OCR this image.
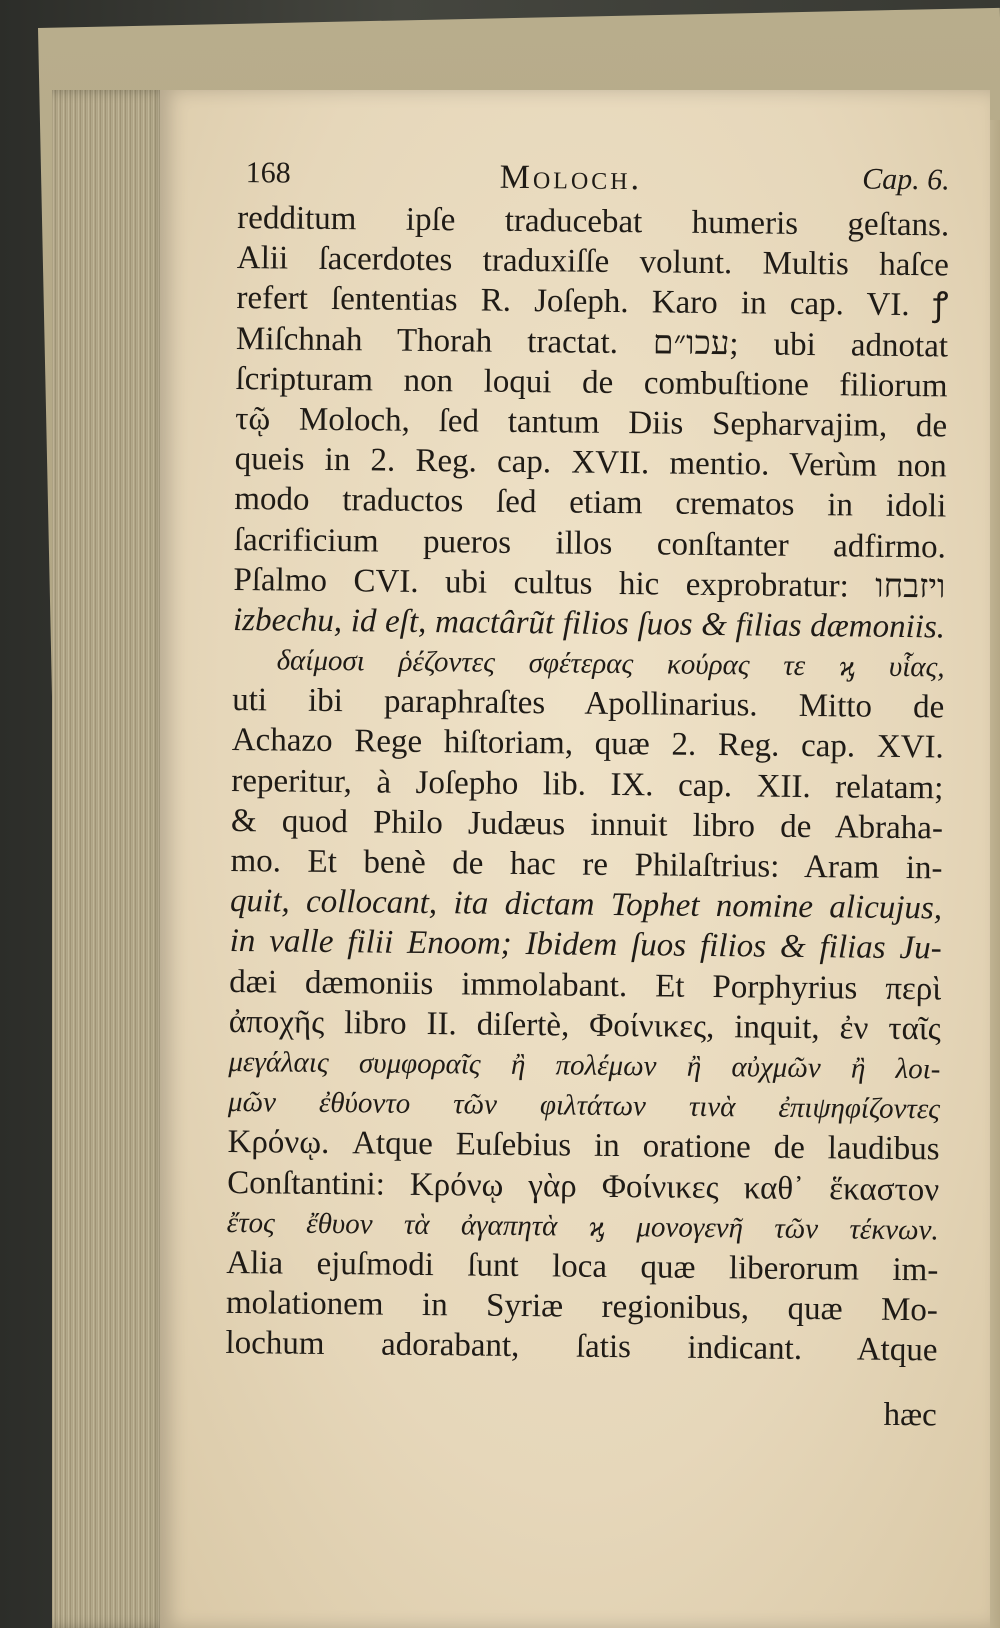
168	Moloch.	Cap. 6.
redditum ipſe traducebat humeris geſtans.
Alii ſacerdotes traduxiſſe volunt. Multis haſce
refert ſententias R. Joſeph. Karo in cap. VI. ꝭ
Miſchnah Thorah tractat. עכו״ם; ubi adnotat
ſcripturam non loqui de combuſtione filiorum
τῷ Moloch, ſed tantum Diis Sepharvajim, de
queis in 2. Reg. cap. XVII. mentio. Verùm non
modo traductos ſed etiam crematos in idoli
ſacrificium pueros illos conſtanter adfirmo.
Pſalmo CVI. ubi cultus hic exprobratur: ויזבחו
izbechu, id eſt, mactârũt filios ſuos & filias dæmoniis.
δαίμοσι ῥέζοντες σφέτερας κούρας τε ϗ υἷας,
uti ibi paraphraſtes Apollinarius. Mitto de
Achazo Rege hiſtoriam, quæ 2. Reg. cap. XVI.
reperitur, à Joſepho lib. IX. cap. XII. relatam;
& quod Philo Judæus innuit libro de Abraha-
mo. Et benè de hac re Philaſtrius: Aram in-
quit, collocant, ita dictam Tophet nomine alicujus,
in valle filii Enoom; Ibidem ſuos filios & filias Ju-
dæi dæmoniis immolabant. Et Porphyrius περὶ
ἀποχῆς libro II. diſertè, Φοίνικες, inquit, ἐν ταῖς
μεγάλαις συμφοραῖς ἢ πολέμων ἢ αὐχμῶν ἢ λοι-
μῶν ἐθύοντο τῶν φιλτάτων τινὰ ἐπιψηφίζοντες
Κρόνῳ. Atque Euſebius in oratione de laudibus
Conſtantini: Κρόνῳ γὰρ Φοίνικες καθ᾽ ἕκαστον
ἔτος ἔθυον τὰ ἀγαπητὰ ϗ μονογενῆ τῶν τέκνων.
Alia ejuſmodi ſunt loca quæ liberorum im-
molationem in Syriæ regionibus, quæ Mo-
lochum adorabant, ſatis indicant. Atque
hæc
